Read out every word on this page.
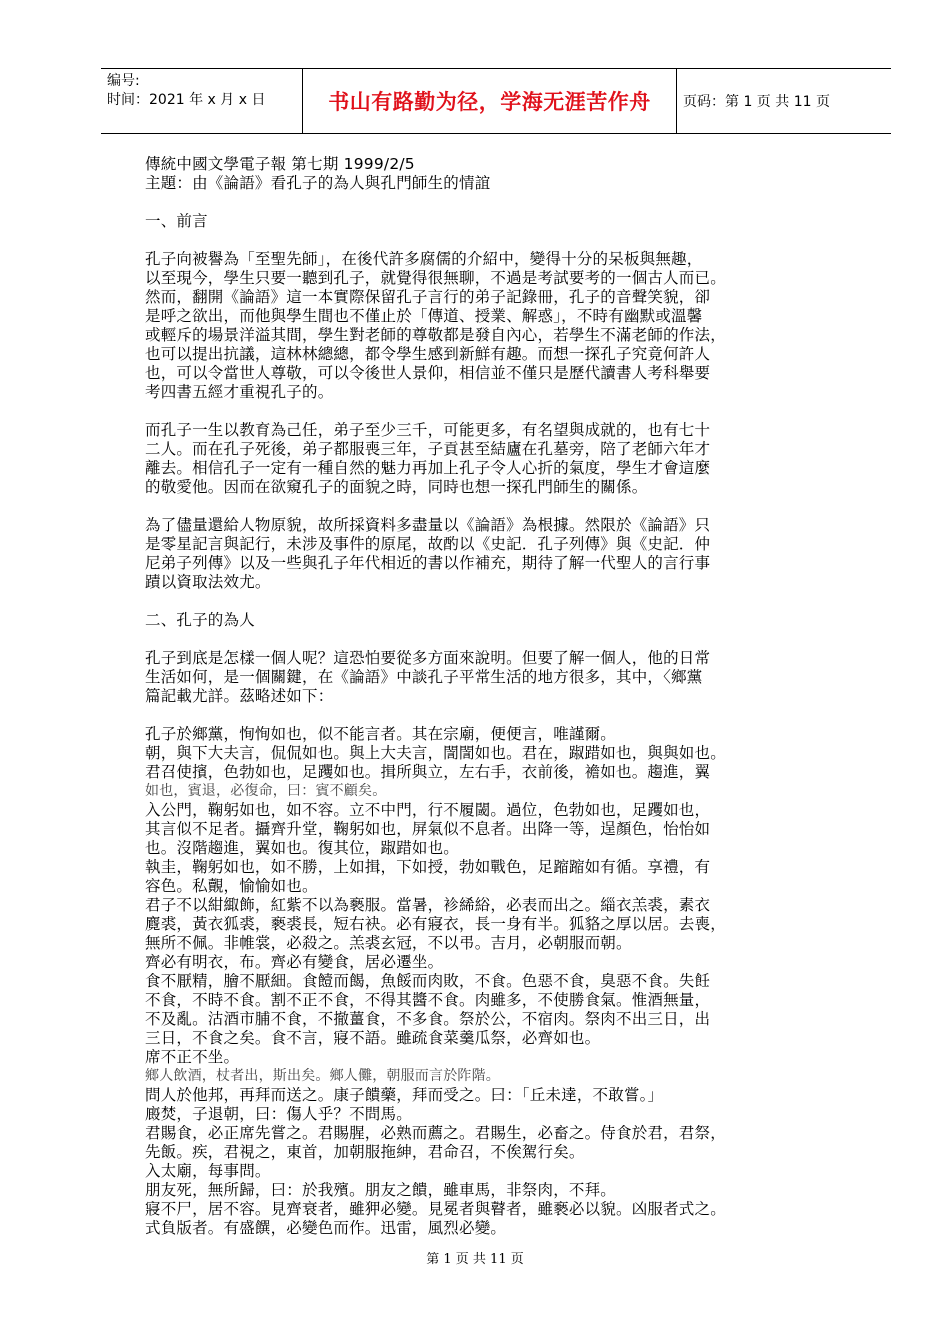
编号:
时间：2021 年 x 月 x 日	书山有路勤为径，学海无涯苦作舟 页码：第 1 页 共 11 页

傳統中國文學電子報 第七期 1999/2/5

主題：由《論語》看孔子的為人與孔門師生的情誼

一、前言

孔子向被譽為「至聖先師」，在後代許多腐儒的介紹中，變得十分的呆板與無趣，

以至現今，學生只要一聽到孔子，就覺得很無聊，不過是考試要考的一個古人而已。

然而，翻開《論語》這一本實際保留孔子言行的弟子記錄冊，孔子的音聲笑貌，卻

是呼之欲出，而他與學生間也不僅止於「傳道、授業、解惑」，不時有幽默或溫馨

或輕斥的場景洋溢其間，學生對老師的尊敬都是發自內心，若學生不滿老師的作法，

也可以提出抗議，這林林總總，都令學生感到新鮮有趣。而想一探孔子究竟何許人

也，可以令當世人尊敬，可以令後世人景仰，相信並不僅只是歷代讀書人考科舉要

考四書五經才重視孔子的。

而孔子一生以教育為己任，弟子至少三千，可能更多，有名望與成就的，也有七十

二人。而在孔子死後，弟子都服喪三年，子貢甚至結廬在孔墓旁，陪了老師六年才

離去。相信孔子一定有一種自然的魅力再加上孔子令人心折的氣度，學生才會這麼

的敬愛他。因而在欲窺孔子的面貌之時，同時也想一探孔門師生的關係。

為了儘量還給人物原貌，故所採資料多盡量以《論語》為根據。然限於《論語》只

是零星記言與記行，未涉及事件的原尾，故酌以《史記．孔子列傳》與《史記．仲

尼弟子列傳》以及一些與孔子年代相近的書以作補充，期待了解一代聖人的言行事

蹟以資取法效尤。

二、孔子的為人

孔子到底是怎樣一個人呢？這恐怕要從多方面來說明。但要了解一個人，他的日常

生活如何，是一個關鍵，在《論語》中談孔子平常生活的地方很多，其中，〈鄉黨

篇記載尤詳。茲略述如下：

孔子於鄉黨，恂恂如也，似不能言者。其在宗廟，便便言，唯謹爾。

朝，與下大夫言，侃侃如也。與上大夫言，誾誾如也。君在，踧踖如也，與與如也。

君召使擯，色勃如也，足躩如也。揖所與立，左右手，衣前後，襜如也。趨進，翼

如也，賓退，必復命，曰：賓不顧矣。

入公門，鞠躬如也，如不容。立不中門，行不履閾。過位，色勃如也，足躩如也，

其言似不足者。攝齊升堂，鞠躬如也，屏氣似不息者。出降一等，逞顏色，怡怡如

也。沒階趨進，翼如也。復其位，踧踖如也。

執圭，鞠躬如也，如不勝，上如揖，下如授，勃如戰色，足蹜蹜如有循。享禮，有

容色。私覿，愉愉如也。

君子不以紺緅飾，紅紫不以為褻服。當暑，袗絺綌，必表而出之。緇衣羔裘，素衣

麑裘，黃衣狐裘，褻裘長，短右袂。必有寢衣，長一身有半。狐貉之厚以居。去喪，

無所不佩。非帷裳，必殺之。羔裘玄冠，不以弔。吉月，必朝服而朝。

齊必有明衣，布。齊必有變食，居必遷坐。

食不厭精，膾不厭細。食饐而餲，魚餒而肉敗，不食。色惡不食，臭惡不食。失飪

不食，不時不食。割不正不食，不得其醬不食。肉雖多，不使勝食氣。惟酒無量，

不及亂。沽酒市脯不食，不撤薑食，不多食。祭於公，不宿肉。祭肉不出三日，出

三日，不食之矣。食不言，寢不語。雖疏食菜羹瓜祭，必齊如也。

席不正不坐。

鄉人飲酒，杖者出，斯出矣。鄉人儺，朝服而言於阼階。

問人於他邦，再拜而送之。康子饋藥，拜而受之。曰：「丘未達，不敢嘗。」

廄焚，子退朝，曰：傷人乎？不問馬。

君賜食，必正席先嘗之。君賜腥，必熟而薦之。君賜生，必畜之。侍食於君，君祭，

先飯。疾，君視之，東首，加朝服拖紳，君命召，不俟駕行矣。

入太廟，每事問。

朋友死，無所歸，曰：於我殯。朋友之饋，雖車馬，非祭肉，不拜。

寢不尸，居不容。見齊衰者，雖狎必變。見冕者與瞽者，雖褻必以貌。凶服者式之。

式負版者。有盛饌，必變色而作。迅雷，風烈必變。

第 1 页 共 11 页
